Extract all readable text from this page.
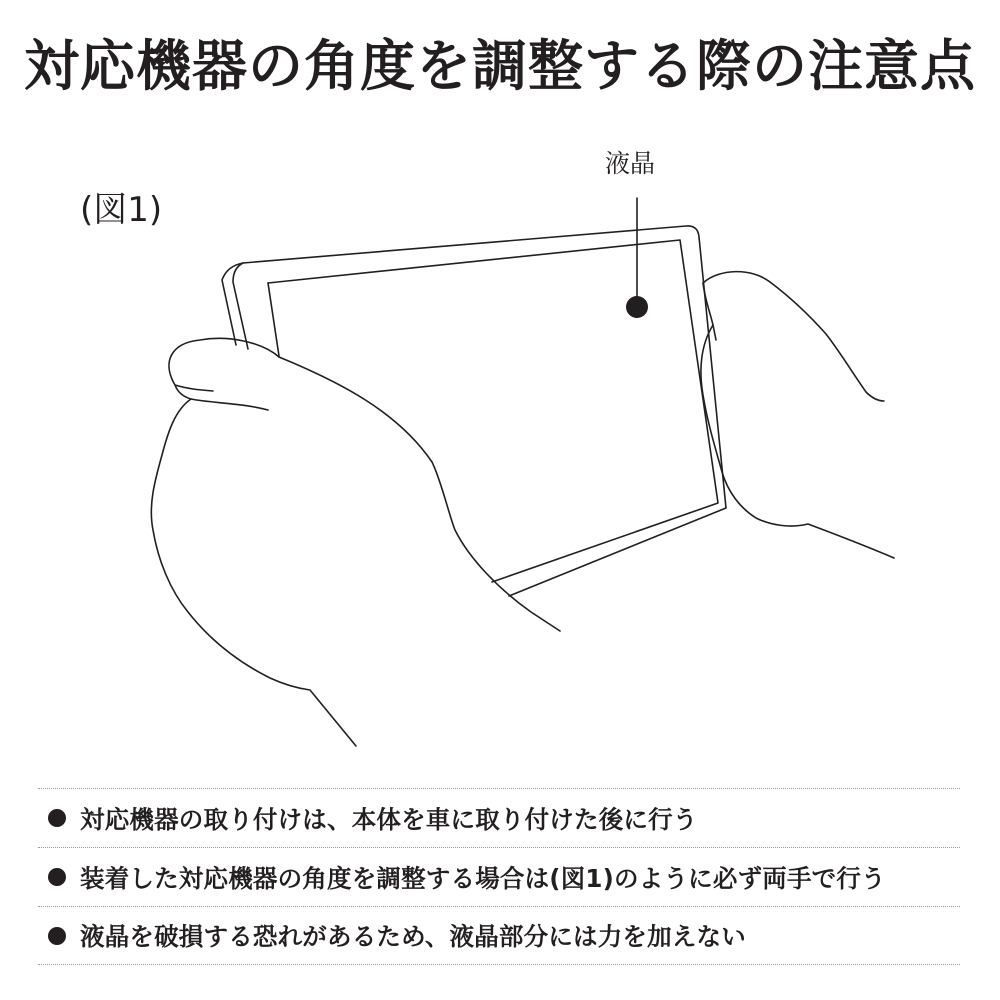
対応機器の角度を調整する際の注意点
(図1)
液晶
対応機器の取り付けは、本体を車に取り付けた後に行う
装着した対応機器の角度を調整する場合は(図1)のように必ず両手で行う
液晶を破損する恐れがあるため、液晶部分には力を加えない
